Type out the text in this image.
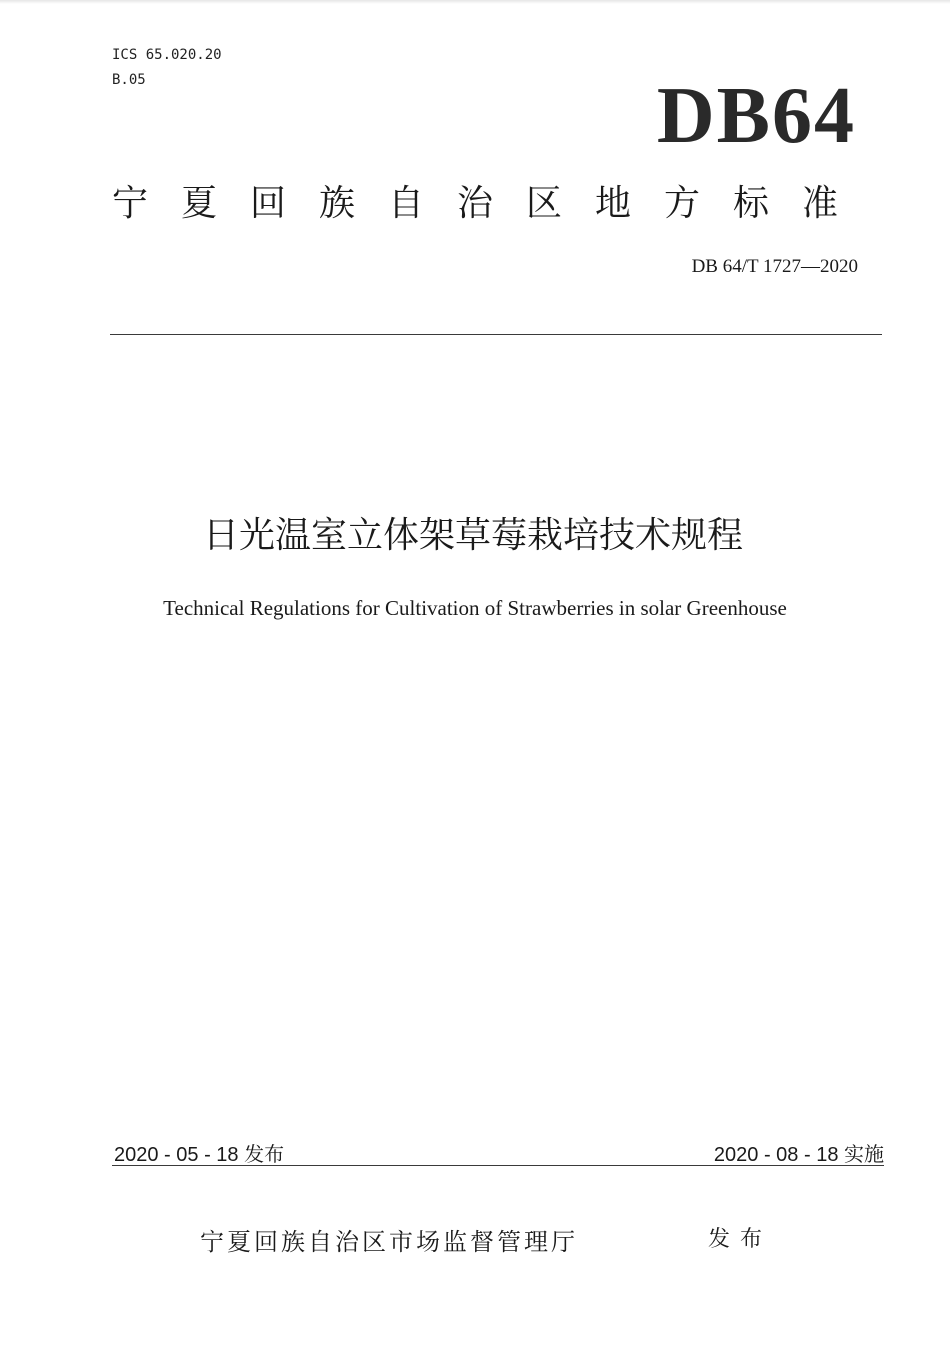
ICS 65.020.20
B.05	DB64
宁夏回族自治区地方标准
DB 64/T 1727—2020
日光温室立体架草莓栽培技术规程
Technical Regulations for Cultivation of Strawberries in solar Greenhouse
2020 - 05 - 18 发布	2020 - 08 - 18 实施
宁夏回族自治区市场监督管理厅	发布
